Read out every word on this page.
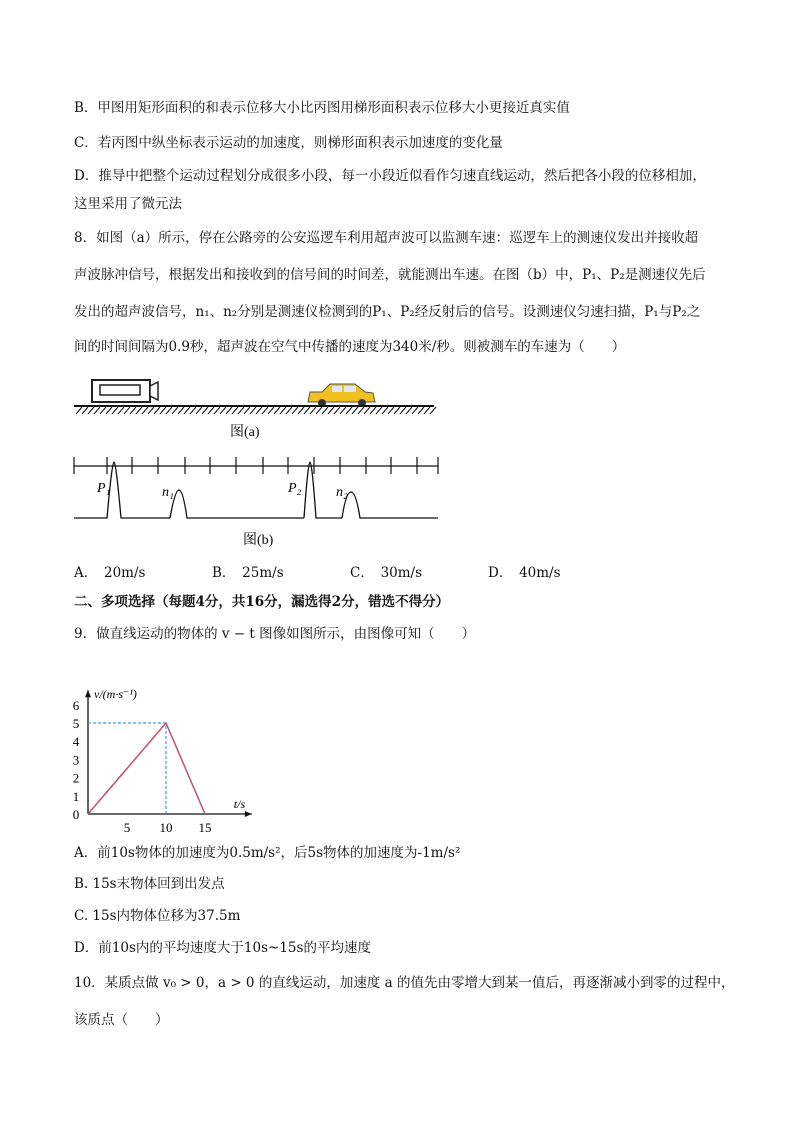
B．甲图用矩形面积的和表示位移大小比丙图用梯形面积表示位移大小更接近真实值
C．若丙图中纵坐标表示运动的加速度，则梯形面积表示加速度的变化量
D．推导中把整个运动过程划分成很多小段，每一小段近似看作匀速直线运动，然后把各小段的位移相加，
这里采用了微元法
8．如图（a）所示，停在公路旁的公安巡逻车利用超声波可以监测车速：巡逻车上的测速仪发出并接收超
声波脉冲信号，根据发出和接收到的信号间的时间差，就能测出车速。在图（b）中，P₁、P₂是测速仪先后
发出的超声波信号，n₁、n₂分别是测速仪检测到的P₁、P₂经反射后的信号。设测速仪匀速扫描，P₁与P₂之
间的时间间隔为0.9秒，超声波在空气中传播的速度为340米/秒。则被测车的车速为（　　）
图(a)
P₁	n₁	P₂ n₂
图(b)
A．　20m/s	B．　25m/s	C．　30m/s	D．　40m/s
二、多项选择（每题4分，共16分，漏选得2分，错选不得分）
9．做直线运动的物体的 v − t 图像如图所示，由图像可知（　　）
0
1
2
3
4
5
6
5 10 15
v/(m·s⁻¹)
t/s
A．前10s物体的加速度为0.5m/s²，后5s物体的加速度为-1m/s²
B. 15s末物体回到出发点
C. 15s内物体位移为37.5m
D．前10s内的平均速度大于10s~15s的平均速度
10．某质点做 v₀ > 0，a > 0 的直线运动，加速度 a 的值先由零增大到某一值后，再逐渐减小到零的过程中，
该质点（　　）
